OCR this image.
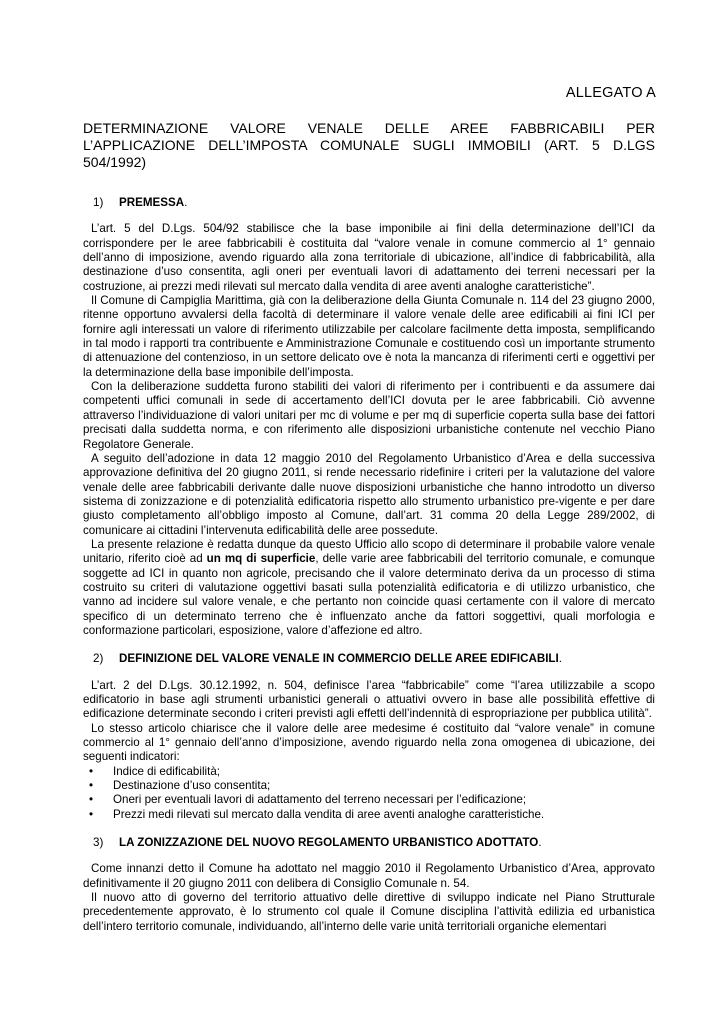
ALLEGATO A
DETERMINAZIONE VALORE VENALE DELLE AREE FABBRICABILI PER
L’APPLICAZIONE DELL’IMPOSTA COMUNALE SUGLI IMMOBILI (ART. 5 D.LGS
504/1992)
1) PREMESSA.

L’art. 5 del D.Lgs. 504/92 stabilisce che la base imponibile ai fini della determinazione dell’ICI da corrispondere per le aree fabbricabili è costituita dal “valore venale in comune commercio al 1° gennaio dell’anno di imposizione, avendo riguardo alla zona territoriale di ubicazione, all’indice di fabbricabilità, alla destinazione d’uso consentita, agli oneri per eventuali lavori di adattamento dei terreni necessari per la costruzione, ai prezzi medi rilevati sul mercato dalla vendita di aree aventi analoghe caratteristiche”.

Il Comune di Campiglia Marittima, già con la deliberazione della Giunta Comunale n. 114 del 23 giugno 2000, ritenne opportuno avvalersi della facoltà di determinare il valore venale delle aree edificabili ai fini ICI per fornire agli interessati un valore di riferimento utilizzabile per calcolare facilmente detta imposta, semplificando in tal modo i rapporti tra contribuente e Amministrazione Comunale e costituendo così un importante strumento di attenuazione del contenzioso, in un settore delicato ove è nota la mancanza di riferimenti certi e oggettivi per la determinazione della base imponibile dell’imposta.

Con la deliberazione suddetta furono stabiliti dei valori di riferimento per i contribuenti e da assumere dai competenti uffici comunali in sede di accertamento dell’ICI dovuta per le aree fabbricabili. Ciò avvenne attraverso l’individuazione di valori unitari per mc di volume e per mq di superficie coperta sulla base dei fattori precisati dalla suddetta norma, e con riferimento alle disposizioni urbanistiche contenute nel vecchio Piano Regolatore Generale.

A seguito dell’adozione in data 12 maggio 2010 del Regolamento Urbanistico d’Area e della successiva approvazione definitiva del 20 giugno 2011, si rende necessario ridefinire i criteri per la valutazione del valore venale delle aree fabbricabili derivante dalle nuove disposizioni urbanistiche che hanno introdotto un diverso sistema di zonizzazione e di potenzialità edificatoria rispetto allo strumento urbanistico pre-vigente e per dare giusto completamento all’obbligo imposto al Comune, dall’art. 31 comma 20 della Legge 289/2002, di comunicare ai cittadini l’intervenuta edificabilità delle aree possedute.

La presente relazione è redatta dunque da questo Ufficio allo scopo di determinare il probabile valore venale unitario, riferito cioè ad un mq di superficie, delle varie aree fabbricabili del territorio comunale, e comunque soggette ad ICI in quanto non agricole, precisando che il valore determinato deriva da un processo di stima costruito su criteri di valutazione oggettivi basati sulla potenzialità edificatoria e di utilizzo urbanistico, che vanno ad incidere sul valore venale, e che pertanto non coincide quasi certamente con il valore di mercato specifico di un determinato terreno che è influenzato anche da fattori soggettivi, quali morfologia e conformazione particolari, esposizione, valore d’affezione ed altro.

2) DEFINIZIONE DEL VALORE VENALE IN COMMERCIO DELLE AREE EDIFICABILI.

L’art. 2 del D.Lgs. 30.12.1992, n. 504, definisce l’area “fabbricabile” come “l’area utilizzabile a scopo edificatorio in base agli strumenti urbanistici generali o attuativi ovvero in base alle possibilità effettive di edificazione determinate secondo i criteri previsti agli effetti dell’indennità di espropriazione per pubblica utilità”.

Lo stesso articolo chiarisce che il valore delle aree medesime é costituito dal “valore venale” in comune commercio al 1° gennaio dell’anno d’imposizione, avendo riguardo nella zona omogenea di ubicazione, dei seguenti indicatori:

• Indice di edificabilità;
• Destinazione d’uso consentita;
• Oneri per eventuali lavori di adattamento del terreno necessari per l’edificazione;
• Prezzi medi rilevati sul mercato dalla vendita di aree aventi analoghe caratteristiche.
3) LA ZONIZZAZIONE DEL NUOVO REGOLAMENTO URBANISTICO ADOTTATO.

Come innanzi detto il Comune ha adottato nel maggio 2010 il Regolamento Urbanistico d’Area, approvato definitivamente il 20 giugno 2011 con delibera di Consiglio Comunale n. 54.

Il nuovo atto di governo del territorio attuativo delle direttive di sviluppo indicate nel Piano Strutturale precedentemente approvato, è lo strumento col quale il Comune disciplina l’attività edilizia ed urbanistica dell’intero territorio comunale, individuando, all’interno delle varie unità territoriali organiche elementari
